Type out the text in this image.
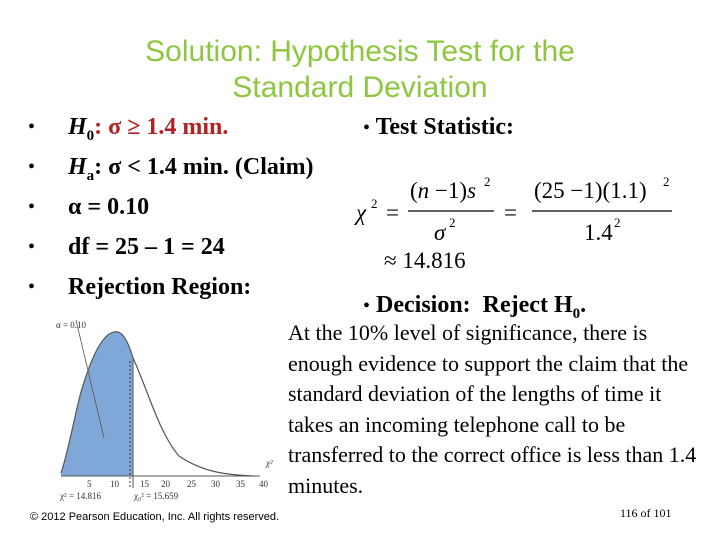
Solution: Hypothesis Test for the
Standard Deviation
• $H_0$: σ ≥ 1.4 min.
• $H_a$: σ < 1.4 min. (Claim)
• α = 0.10
• df = 25 – 1 = 24
• Rejection Region:
• Test Statistic:
χ 2 =
(n −1)s 2
σ 2 =
(25 −1)(1.1) 2
1.4 2
≈ 14.816
• Decision: Reject $H_0$.
At the 10% level of significance, there is enough evidence to support the claim that the standard deviation of the lengths of time it takes an incoming telephone call to be transferred to the correct office is less than 1.4 minutes.
α = 0.10
5 10 15 20 25 30 35 40
χ²
χ² = 14.816	χ₀² = 15.659
© 2012 Pearson Education, Inc. All rights reserved.	116 of 101
